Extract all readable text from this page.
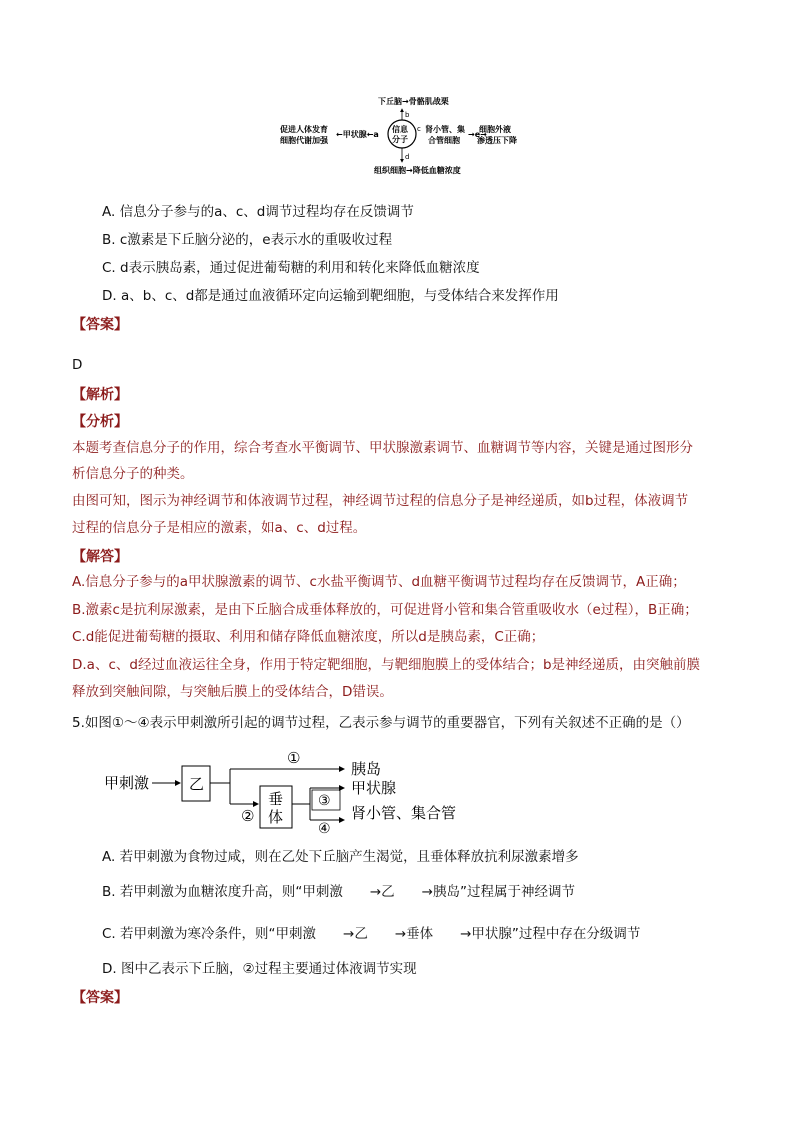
下丘脑→骨骼肌战栗
b
信息
分子
促进人体发育
细胞代谢加强
←甲状腺←a
c 肾小管、集
合管细胞
→e→
细胞外液
渗透压下降
d
组织细胞→降低血糖浓度
A. 信息分子参与的a、c、d调节过程均存在反馈调节
B. c激素是下丘脑分泌的，e表示水的重吸收过程
C. d表示胰岛素，通过促进葡萄糖的利用和转化来降低血糖浓度
D. a、b、c、d都是通过血液循环定向运输到靶细胞，与受体结合来发挥作用
【答案】
D
【解析】
【分析】
本题考查信息分子的作用，综合考查水平衡调节、甲状腺激素调节、血糖调节等内容，关键是通过图形分
析信息分子的种类。
由图可知，图示为神经调节和体液调节过程，神经调节过程的信息分子是神经递质，如b过程，体液调节
过程的信息分子是相应的激素，如a、c、d过程。
【解答】
A.信息分子参与的a甲状腺激素的调节、c水盐平衡调节、d血糖平衡调节过程均存在反馈调节，A正确；
B.激素c是抗利尿激素，是由下丘脑合成垂体释放的，可促进肾小管和集合管重吸收水（e过程），B正确；
C.d能促进葡萄糖的摄取、利用和储存降低血糖浓度，所以d是胰岛素，C正确；
D.a、c、d经过血液运往全身，作用于特定靶细胞，与靶细胞膜上的受体结合；b是神经递质，由突触前膜
释放到突触间隙，与突触后膜上的受体结合，D错误。
5.如图①～④表示甲刺激所引起的调节过程，乙表示参与调节的重要器官，下列有关叙述不正确的是（）
甲刺激	乙
①
胰岛
②
垂
体
③
甲状腺
④
肾小管、集合管
A. 若甲刺激为食物过咸，则在乙处下丘脑产生渴觉，且垂体释放抗利尿激素增多
B. 若甲刺激为血糖浓度升高，则“甲刺激　　→乙　　→胰岛”过程属于神经调节
C. 若甲刺激为寒冷条件，则“甲刺激　　→乙　　→垂体　　→甲状腺”过程中存在分级调节
D. 图中乙表示下丘脑，②过程主要通过体液调节实现
【答案】
